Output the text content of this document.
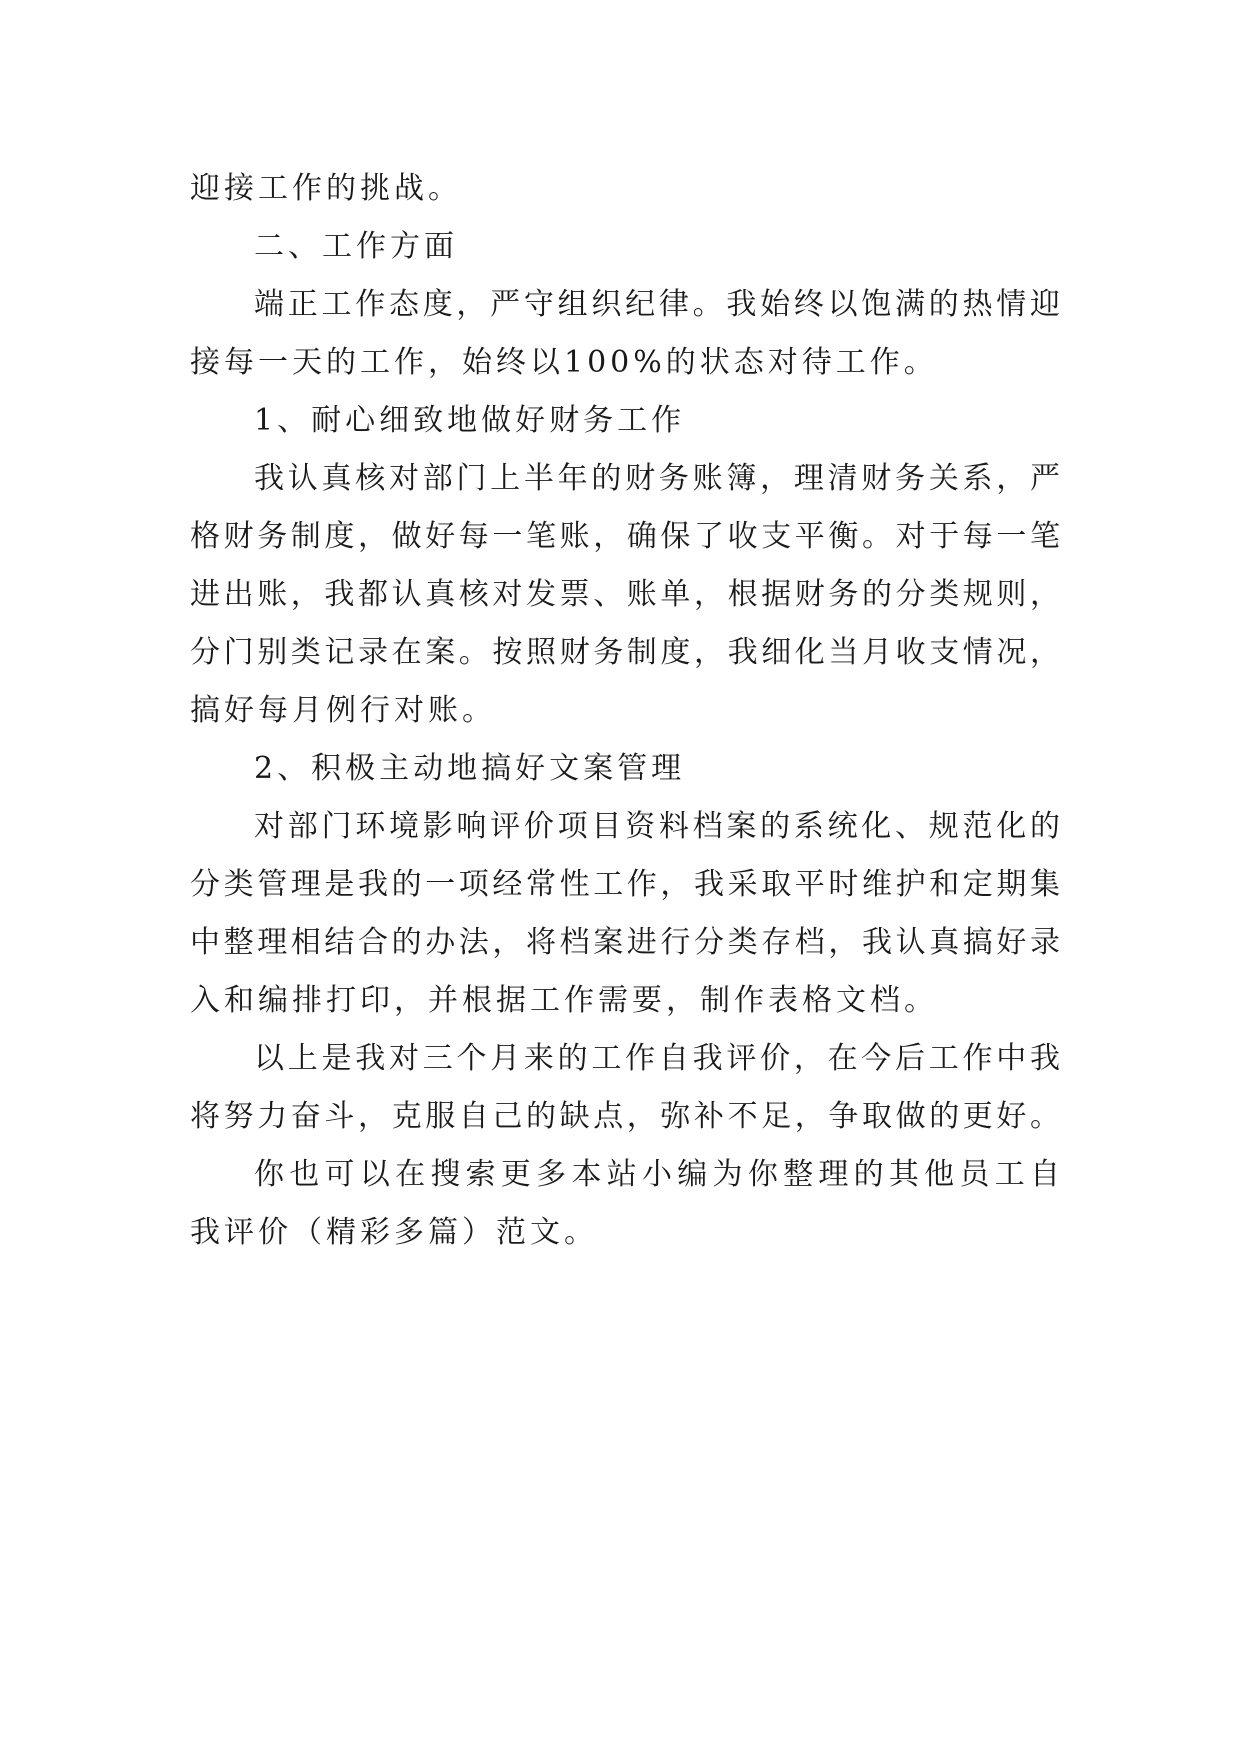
迎接工作的挑战。
二、工作方面
端正工作态度，严守组织纪律。我始终以饱满的热情迎
接每一天的工作，始终以100%的状态对待工作。
1、耐心细致地做好财务工作
我认真核对部门上半年的财务账簿，理清财务关系，严
格财务制度，做好每一笔账，确保了收支平衡。对于每一笔
进出账，我都认真核对发票、账单，根据财务的分类规则，
分门别类记录在案。按照财务制度，我细化当月收支情况，
搞好每月例行对账。
2、积极主动地搞好文案管理
对部门环境影响评价项目资料档案的系统化、规范化的
分类管理是我的一项经常性工作，我采取平时维护和定期集
中整理相结合的办法，将档案进行分类存档，我认真搞好录
入和编排打印，并根据工作需要，制作表格文档。
以上是我对三个月来的工作自我评价，在今后工作中我
将努力奋斗，克服自己的缺点，弥补不足，争取做的更好。
你也可以在搜索更多本站小编为你整理的其他员工自
我评价（精彩多篇）范文。
